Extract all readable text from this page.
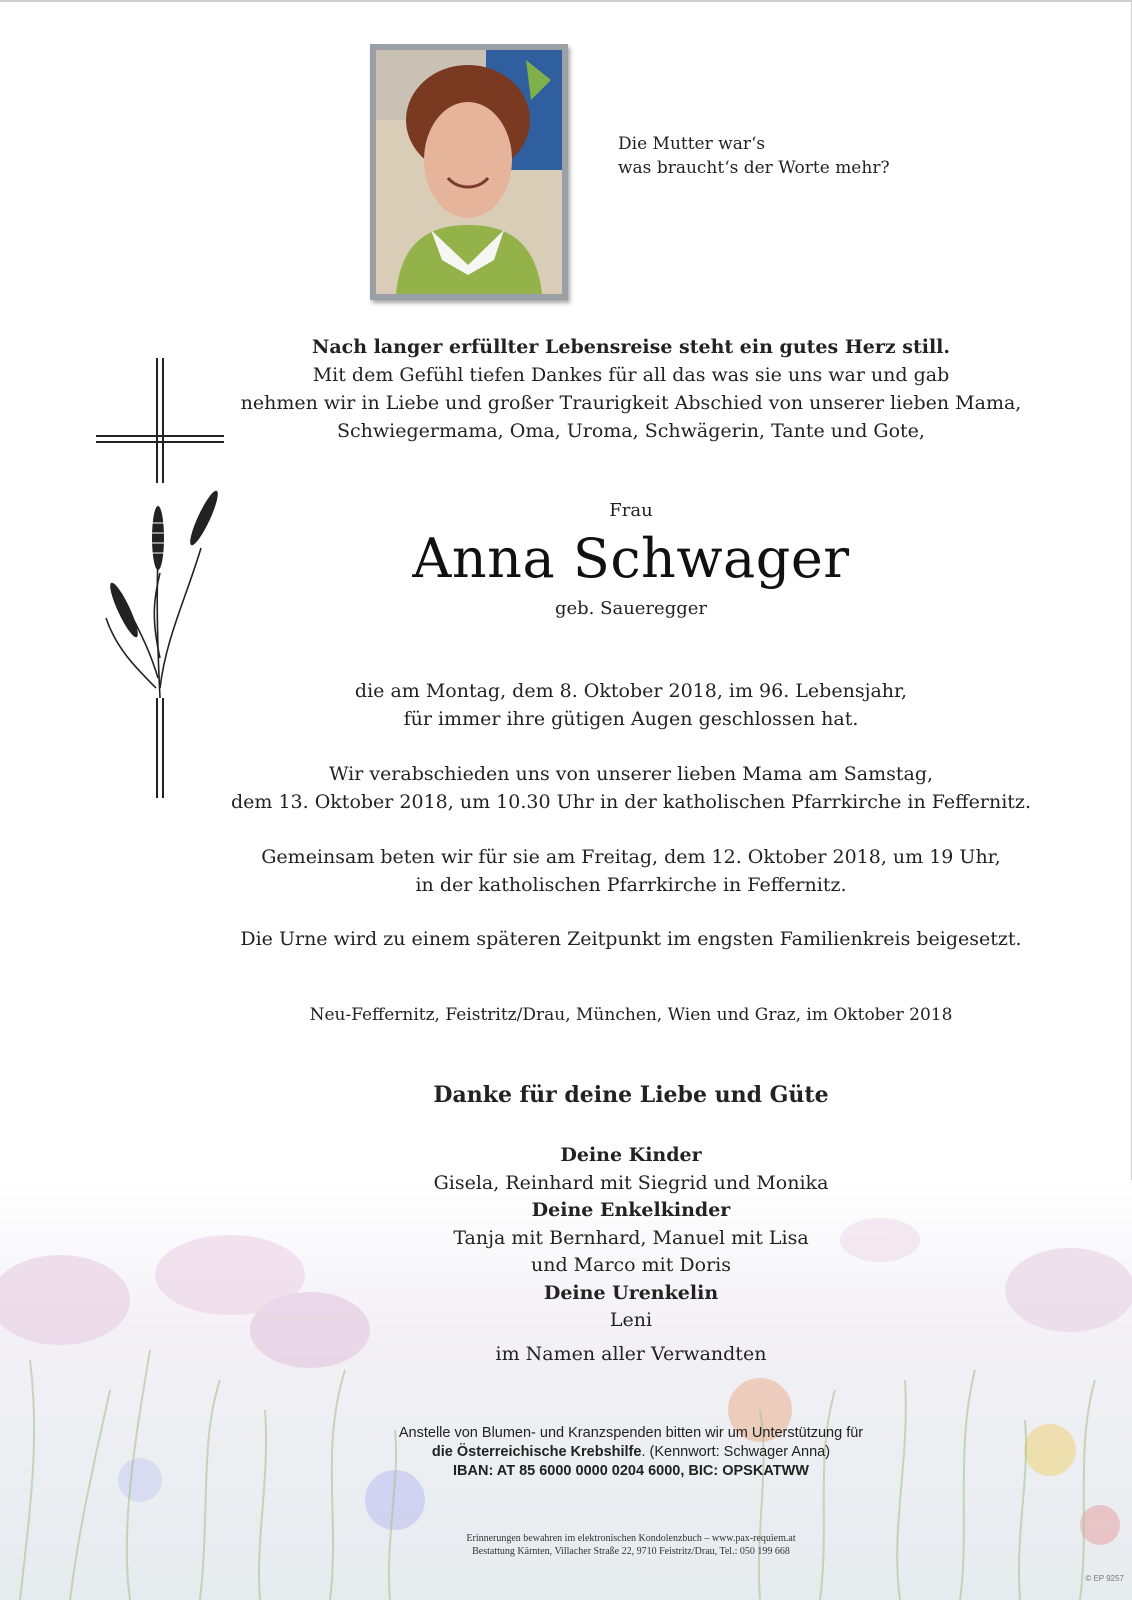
Die Mutter war‘s
was braucht‘s der Worte mehr?
Nach langer erfüllter Lebensreise steht ein gutes Herz still.
Mit dem Gefühl tiefen Dankes für all das was sie uns war und gab
nehmen wir in Liebe und großer Traurigkeit Abschied von unserer lieben Mama,
Schwiegermama, Oma, Uroma, Schwägerin, Tante und Gote,
Frau
Anna Schwager
geb. Saueregger
die am Montag, dem 8. Oktober 2018, im 96. Lebensjahr,
für immer ihre gütigen Augen geschlossen hat.
Wir verabschieden uns von unserer lieben Mama am Samstag,
dem 13. Oktober 2018, um 10.30 Uhr in der katholischen Pfarrkirche in Feffernitz.
Gemeinsam beten wir für sie am Freitag, dem 12. Oktober 2018, um 19 Uhr,
in der katholischen Pfarrkirche in Feffernitz.
Die Urne wird zu einem späteren Zeitpunkt im engsten Familienkreis beigesetzt.
Neu-Feffernitz, Feistritz/Drau, München, Wien und Graz, im Oktober 2018
Danke für deine Liebe und Güte
Deine Kinder
Gisela, Reinhard mit Siegrid und Monika
Deine Enkelkinder
Tanja mit Bernhard, Manuel mit Lisa
und Marco mit Doris
Deine Urenkelin
Leni
im Namen aller Verwandten
Anstelle von Blumen- und Kranzspenden bitten wir um Unterstützung für
die Österreichische Krebshilfe. (Kennwort: Schwager Anna)
IBAN: AT 85 6000 0000 0204 6000, BIC: OPSKATWW
Erinnerungen bewahren im elektronischen Kondolenzbuch – www.pax-requiem.at
Bestattung Kärnten, Villacher Straße 22, 9710 Feistritz/Drau, Tel.: 050 199 668
© EP 9257
